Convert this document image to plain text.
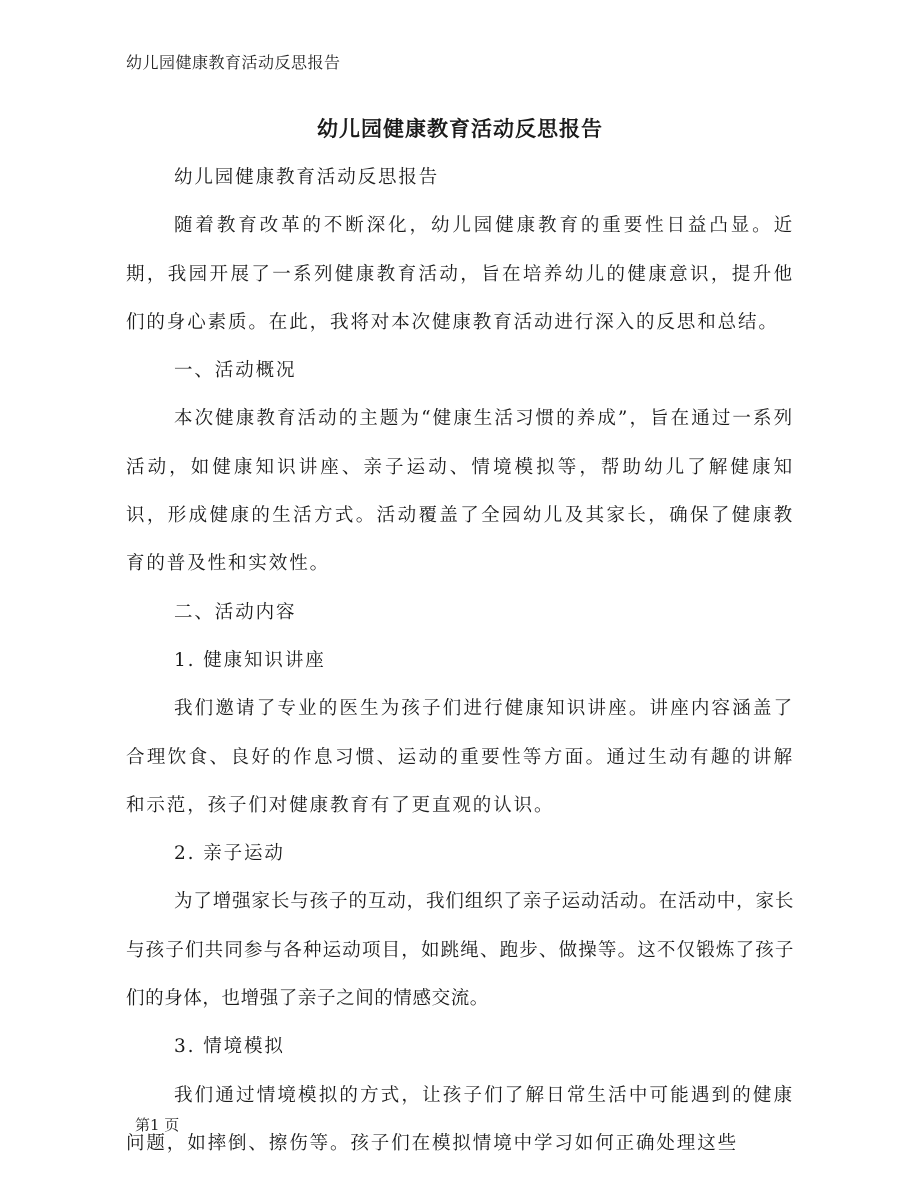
幼儿园健康教育活动反思报告
幼儿园健康教育活动反思报告

幼儿园健康教育活动反思报告

随着教育改革的不断深化，幼儿园健康教育的重要性日益凸显。近期，我园开展了一系列健康教育活动，旨在培养幼儿的健康意识，提升他们的身心素质。在此，我将对本次健康教育活动进行深入的反思和总结。

一、活动概况

本次健康教育活动的主题为“健康生活习惯的养成”，旨在通过一系列活动，如健康知识讲座、亲子运动、情境模拟等，帮助幼儿了解健康知识，形成健康的生活方式。活动覆盖了全园幼儿及其家长，确保了健康教育的普及性和实效性。

二、活动内容

1. 健康知识讲座

我们邀请了专业的医生为孩子们进行健康知识讲座。讲座内容涵盖了合理饮食、良好的作息习惯、运动的重要性等方面。通过生动有趣的讲解和示范，孩子们对健康教育有了更直观的认识。

2. 亲子运动

为了增强家长与孩子的互动，我们组织了亲子运动活动。在活动中，家长与孩子们共同参与各种运动项目，如跳绳、跑步、做操等。这不仅锻炼了孩子们的身体，也增强了亲子之间的情感交流。

3. 情境模拟

我们通过情境模拟的方式，让孩子们了解日常生活中可能遇到的健康问题，如摔倒、擦伤等。孩子们在模拟情境中学习如何正确处理这些

第1 页
